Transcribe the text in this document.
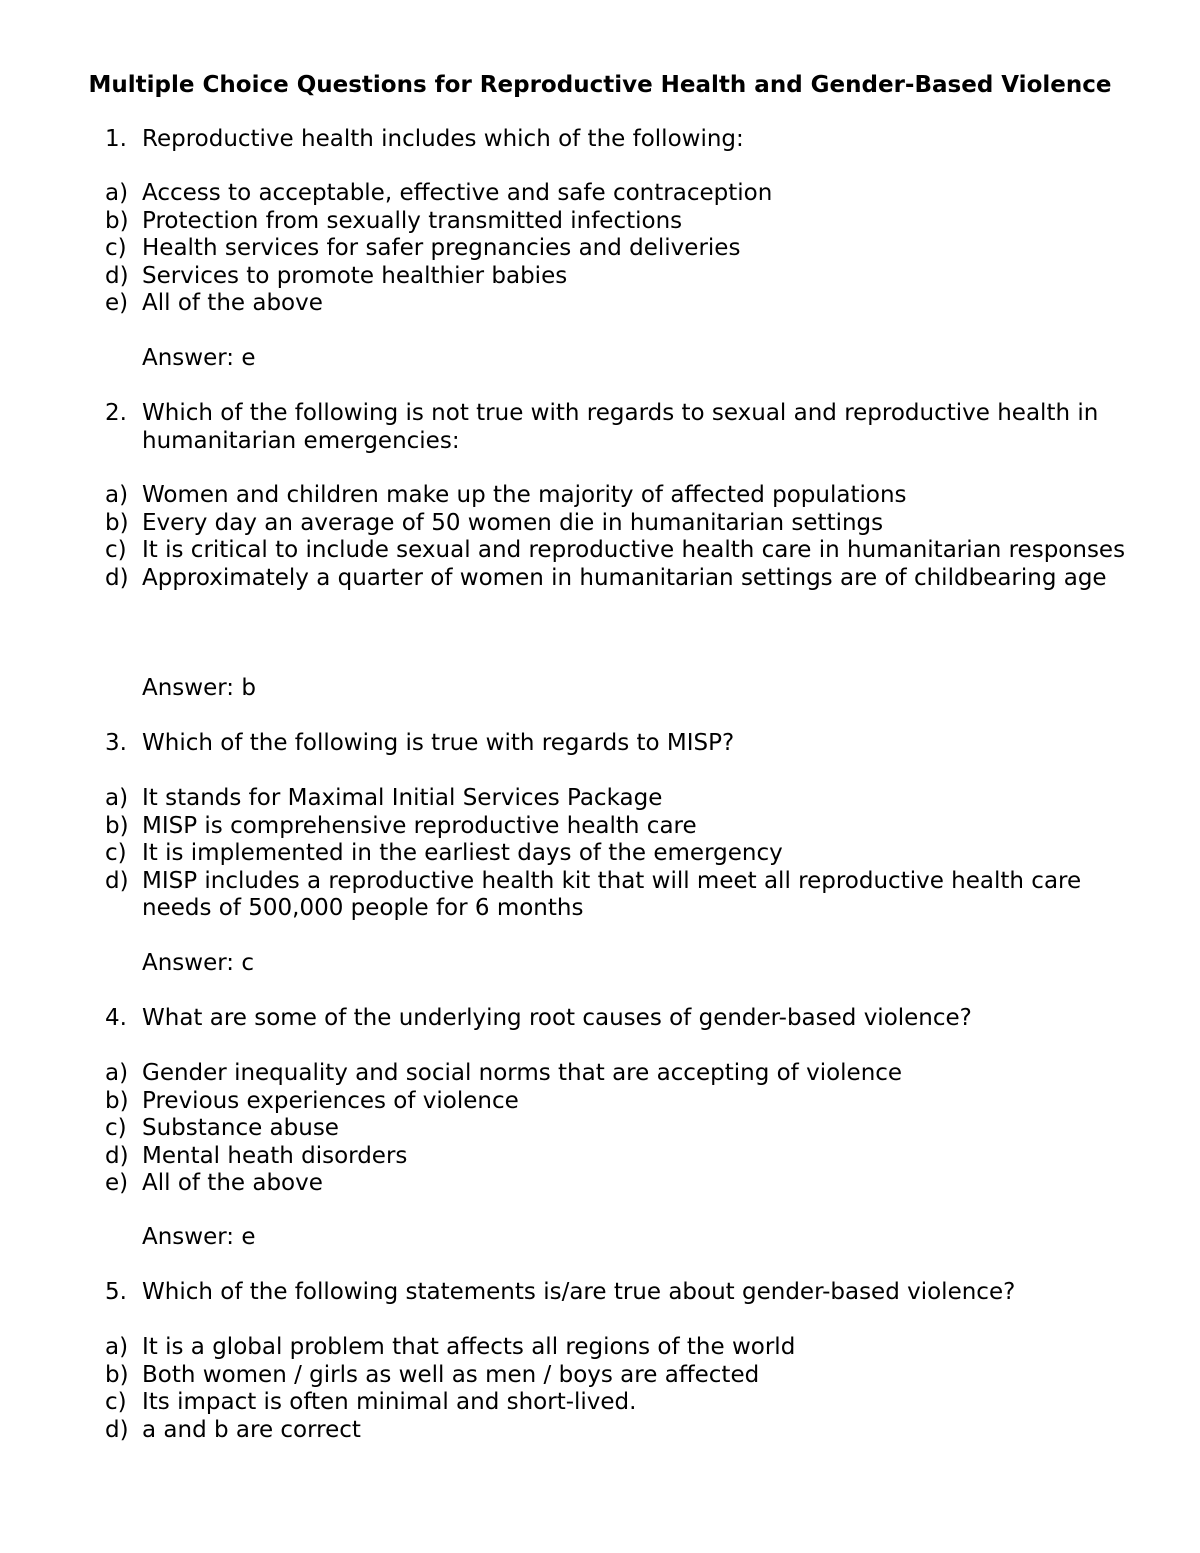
Multiple Choice Questions for Reproductive Health and Gender-Based Violence
1. Reproductive health includes which of the following:
a) Access to acceptable, effective and safe contraception
b) Protection from sexually transmitted infections
c) Health services for safer pregnancies and deliveries
d) Services to promote healthier babies
e) All of the above
Answer: e
2. Which of the following is not true with regards to sexual and reproductive health in humanitarian emergencies:
a) Women and children make up the majority of affected populations
b) Every day an average of 50 women die in humanitarian settings
c) It is critical to include sexual and reproductive health care in humanitarian responses
d) Approximately a quarter of women in humanitarian settings are of childbearing age
Answer: b
3. Which of the following is true with regards to MISP?
a) It stands for Maximal Initial Services Package
b) MISP is comprehensive reproductive health care
c) It is implemented in the earliest days of the emergency
d) MISP includes a reproductive health kit that will meet all reproductive health care needs of 500,000 people for 6 months
Answer: c
4. What are some of the underlying root causes of gender-based violence?
a) Gender inequality and social norms that are accepting of violence
b) Previous experiences of violence
c) Substance abuse
d) Mental heath disorders
e) All of the above
Answer: e
5. Which of the following statements is/are true about gender-based violence?
a) It is a global problem that affects all regions of the world
b) Both women / girls as well as men / boys are affected
c) Its impact is often minimal and short-lived.
d) a and b are correct
